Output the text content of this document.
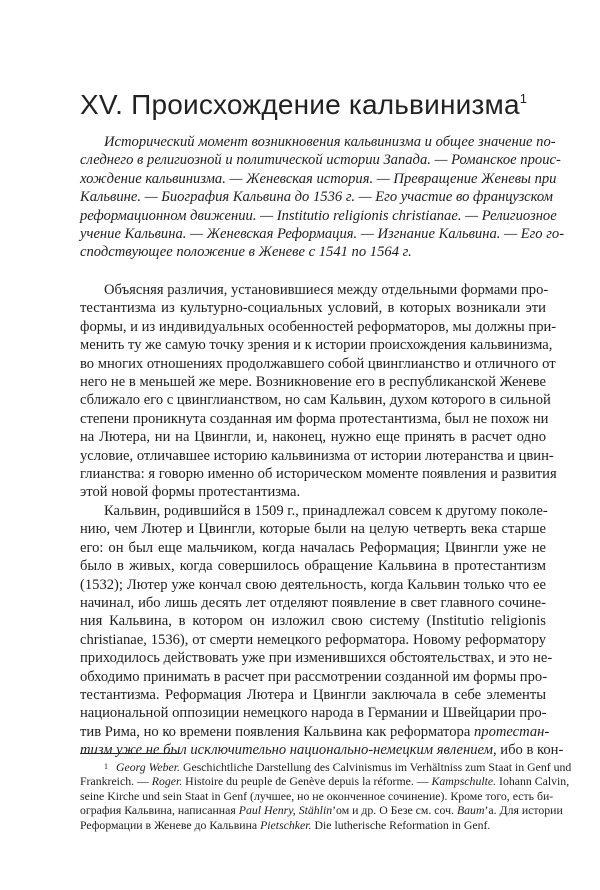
XV. Происхождение кальвинизма$^1$
Исторический момент возникновения кальвинизма и общее значение по-
следнего в религиозной и политической истории Запада. — Романское проис-
хождение кальвинизма. — Женевская история. — Превращение Женевы при
Кальвине. — Биография Кальвина до 1536 г. — Его участие во французском
реформационном движении. — Institutio religionis christianae. — Религиозное
учение Кальвина. — Женевская Реформация. — Изгнание Кальвина. — Его го-
сподствующее положение в Женеве с 1541 по 1564 г.
Объясняя различия, установившиеся между отдельными формами про-
тестантизма из культурно-социальных условий, в которых возникали эти
формы, и из индивидуальных особенностей реформаторов, мы должны при-
менить ту же самую точку зрения и к истории происхождения кальвинизма,
во многих отношениях продолжавшего собой цвинглианство и отличного от
него не в меньшей же мере. Возникновение его в республиканской Женеве
сближало его с цвинглианством, но сам Кальвин, духом которого в сильной
степени проникнута созданная им форма протестантизма, был не похож ни
на Лютера, ни на Цвингли, и, наконец, нужно еще принять в расчет одно
условие, отличавшее историю кальвинизма от истории лютеранства и цвин-
глианства: я говорю именно об историческом моменте появления и развития
этой новой формы протестантизма.
Кальвин, родившийся в 1509 г., принадлежал совсем к другому поколе-
нию, чем Лютер и Цвингли, которые были на целую четверть века старше
его: он был еще мальчиком, когда началась Реформация; Цвингли уже не
было в живых, когда совершилось обращение Кальвина в протестантизм
(1532); Лютер уже кончал свою деятельность, когда Кальвин только что ее
начинал, ибо лишь десять лет отделяют появление в свет главного сочине-
ния Кальвина, в котором он изложил свою систему (Institutio religionis
christianae, 1536), от смерти немецкого реформатора. Новому реформатору
приходилось действовать уже при изменившихся обстоятельствах, и это не-
обходимо принимать в расчет при рассмотрении созданной им формы про-
тестантизма. Реформация Лютера и Цвингли заключала в себе элементы
национальной оппозиции немецкого народа в Германии и Швейцарии про-
тив Рима, но ко времени появления Кальвина как реформатора протестан-
тизм уже не был исключительно национально-немецким явлением, ибо в кон-
$^1$ Georg Weber. Geschichtliche Darstellung des Calvinismus im Verhältniss zum Staat in Genf und
Frankreich. — Roger. Histoire du peuple de Genève depuis la réforme. — Kampschulte. Iohann Calvin,
seine Kirche und sein Staat in Genf (лучшее, но не оконченное сочинение). Кроме того, есть би-
ография Кальвина, написанная Paul Henry, Stählin’ом и др. О Безе см. соч. Baum’а. Для истории
Реформации в Женеве до Кальвина Pietschker. Die lutherische Reformation in Genf.
